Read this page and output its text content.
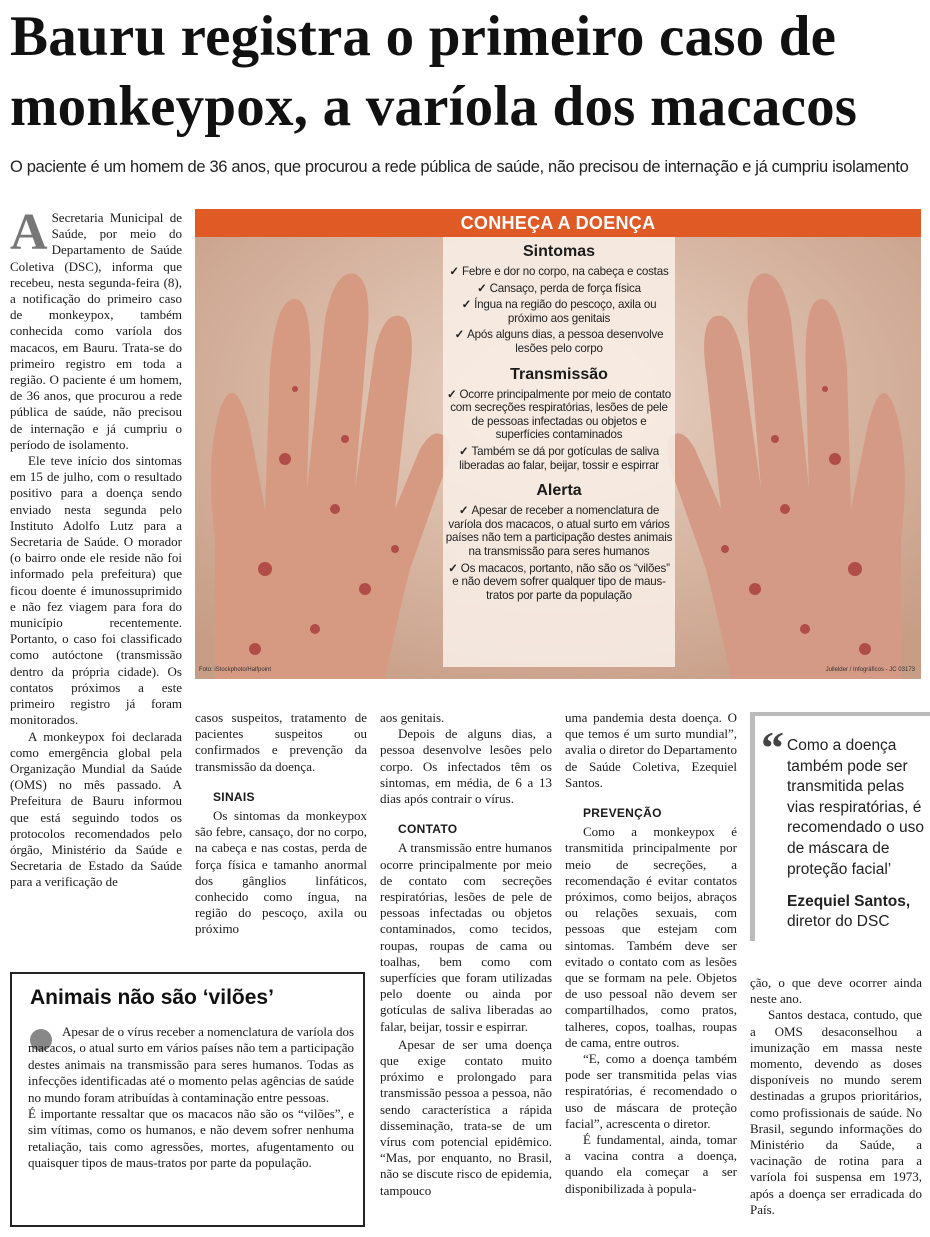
Bauru registra o primeiro caso de monkeypox, a varíola dos macacos
O paciente é um homem de 36 anos, que procurou a rede pública de saúde, não precisou de internação e já cumpriu isolamento

A Secretaria Municipal de Saúde, por meio do Departamento de Saúde Coletiva (DSC), informa que recebeu, nesta segunda-feira (8), a notificação do primeiro caso de monkeypox, também conhecida como varíola dos macacos, em Bauru. Trata-se do primeiro registro em toda a região. O paciente é um homem, de 36 anos, que procurou a rede pública de saúde, não precisou de internação e já cumpriu o período de isolamento.

Ele teve início dos sintomas em 15 de julho, com o resultado positivo para a doença sendo enviado nesta segunda pelo Instituto Adolfo Lutz para a Secretaria de Saúde. O morador (o bairro onde ele reside não foi informado pela prefeitura) que ficou doente é imunossuprimido e não fez viagem para fora do município recentemente. Portanto, o caso foi classificado como autóctone (transmissão dentro da própria cidade). Os contatos próximos a este primeiro registro já foram monitorados.

A monkeypox foi declarada como emergência global pela Organização Mundial da Saúde (OMS) no mês passado. A Prefeitura de Bauru informou que está seguindo todos os protocolos recomendados pelo órgão, Ministério da Saúde e Secretaria de Estado da Saúde para a verificação de

CONHEÇA A DOENÇA
Sintomas
✓ Febre e dor no corpo, na cabeça e costas
✓ Cansaço, perda de força física
✓ Íngua na região do pescoço, axila ou próximo aos genitais
✓ Após alguns dias, a pessoa desenvolve lesões pelo corpo
Transmissão
✓ Ocorre principalmente por meio de contato com secreções respiratórias, lesões de pele de pessoas infectadas ou objetos e superfícies contaminados
✓ Também se dá por gotículas de saliva liberadas ao falar, beijar, tossir e espirrar
Alerta
✓ Apesar de receber a nomenclatura de varíola dos macacos, o atual surto em vários países não tem a participação destes animais na transmissão para seres humanos
✓ Os macacos, portanto, não são os “vilões” e não devem sofrer qualquer tipo de maus-tratos por parte da população
Foto: iStockphoto/Halfpoint	Jullelder / Infográficos - JC 03173

casos suspeitos, tratamento de pacientes suspeitos ou confirmados e prevenção da transmissão da doença.

SINAIS

Os sintomas da monkeypox são febre, cansaço, dor no corpo, na cabeça e nas costas, perda de força física e tamanho anormal dos gânglios linfáticos, conhecido como íngua, na região do pescoço, axila ou próximo

aos genitais.

Depois de alguns dias, a pessoa desenvolve lesões pelo corpo. Os infectados têm os sintomas, em média, de 6 a 13 dias após contrair o vírus.

CONTATO

A transmissão entre humanos ocorre principalmente por meio de contato com secreções respiratórias, lesões de pele de pessoas infectadas ou objetos contaminados, como tecidos, roupas, roupas de cama ou toalhas, bem como com superfícies que foram utilizadas pelo doente ou ainda por gotículas de saliva liberadas ao falar, beijar, tossir e espirrar.

Apesar de ser uma doença que exige contato muito próximo e prolongado para transmissão pessoa a pessoa, não sendo característica a rápida disseminação, trata-se de um vírus com potencial epidêmico. “Mas, por enquanto, no Brasil, não se discute risco de epidemia, tampouco

uma pandemia desta doença. O que temos é um surto mundial”, avalia o diretor do Departamento de Saúde Coletiva, Ezequiel Santos.

PREVENÇÃO

Como a monkeypox é transmitida principalmente por meio de secreções, a recomendação é evitar contatos próximos, como beijos, abraços ou relações sexuais, com pessoas que estejam com sintomas. Também deve ser evitado o contato com as lesões que se formam na pele. Objetos de uso pessoal não devem ser compartilhados, como pratos, talheres, copos, toalhas, roupas de cama, entre outros.

“E, como a doença também pode ser transmitida pelas vias respiratórias, é recomendado o uso de máscara de proteção facial”, acrescenta o diretor.

É fundamental, ainda, tomar a vacina contra a doença, quando ela começar a ser disponibilizada à popula-

“ Como a doença também pode ser transmitida pelas vias respiratórias, é recomendado o uso de máscara de proteção facial’
Ezequiel Santos,
diretor do DSC

ção, o que deve ocorrer ainda neste ano.

Santos destaca, contudo, que a OMS desaconselhou a imunização em massa neste momento, devendo as doses disponíveis no mundo serem destinadas a grupos prioritários, como profissionais de saúde. No Brasil, segundo informações do Ministério da Saúde, a vacinação de rotina para a varíola foi suspensa em 1973, após a doença ser erradicada do País.

Animais não são ‘vilões’

Apesar de o vírus receber a nomenclatura de varíola dos macacos, o atual surto em vários países não tem a participação destes animais na transmissão para seres humanos. Todas as infecções identificadas até o momento pelas agências de saúde no mundo foram atribuídas à contaminação entre pessoas.

É importante ressaltar que os macacos não são os “vilões”, e sim vítimas, como os humanos, e não devem sofrer nenhuma retaliação, tais como agressões, mortes, afugentamento ou quaisquer tipos de maus-tratos por parte da população.
